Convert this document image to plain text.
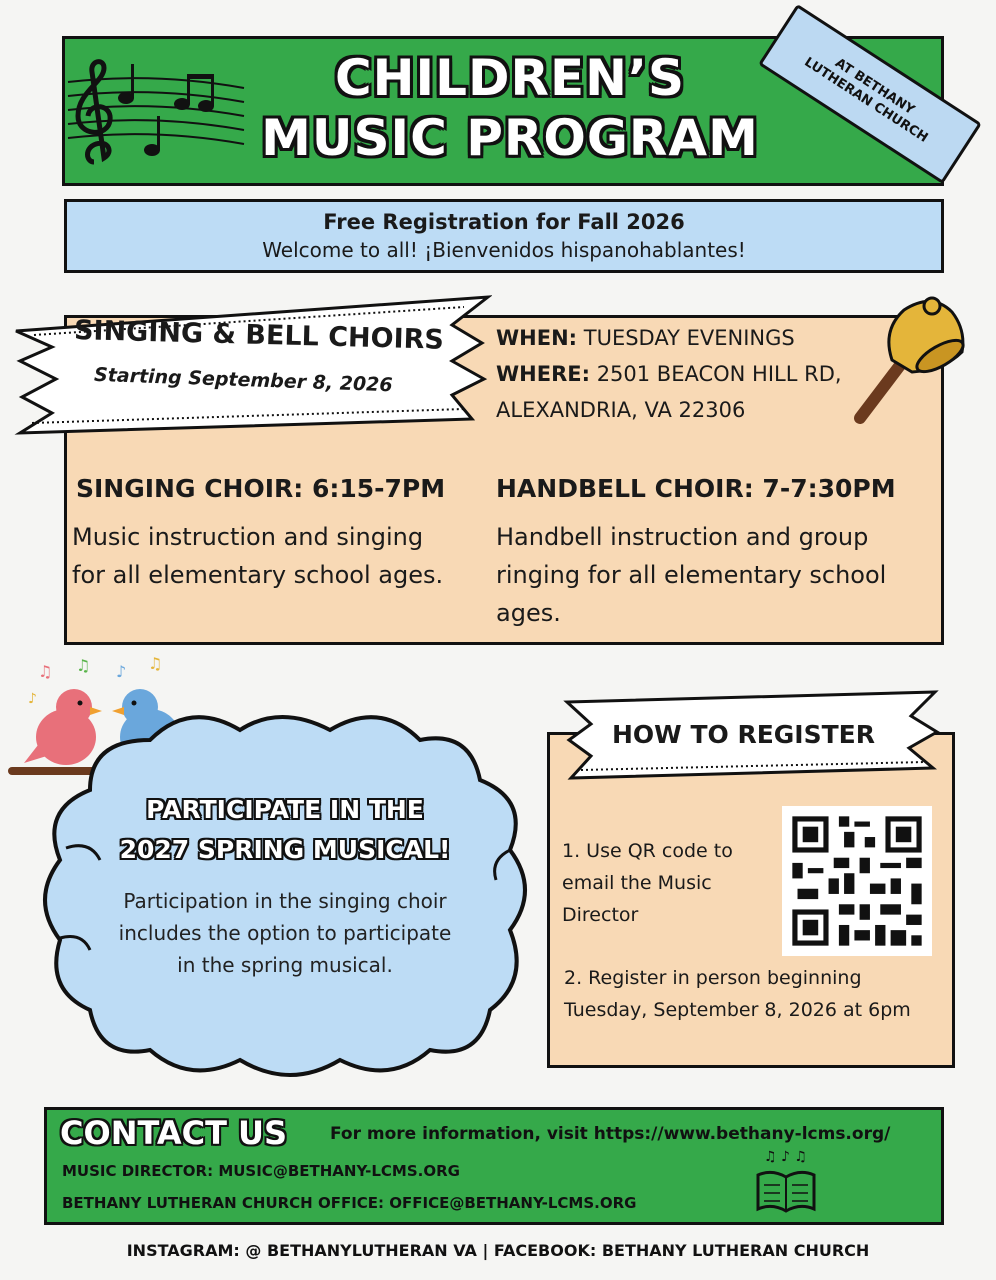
CHILDREN’S
MUSIC PROGRAM
AT BETHANY LUTHERAN CHURCH
Free Registration for Fall 2026
Welcome to all! ¡Bienvenidos hispanohablantes!
SINGING & BELL CHOIRS
Starting September 8, 2026
WHEN: TUESDAY EVENINGS
WHERE: 2501 BEACON HILL RD,
ALEXANDRIA, VA 22306
SINGING CHOIR: 6:15-7PM
Music instruction and singing for all elementary school ages.
HANDBELL CHOIR: 7-7:30PM
Handbell instruction and group ringing for all elementary school ages.
♫ ♫ ♪ ♫
♪
PARTICIPATE IN THE
2027 SPRING MUSICAL!
Participation in the singing choir includes the option to participate in the spring musical.
HOW TO REGISTER
1. Use QR code to email the Music Director
2. Register in person beginning Tuesday, September 8, 2026 at 6pm
CONTACT US	For more information, visit https://www.bethany-lcms.org/
MUSIC DIRECTOR: MUSIC@BETHANY-LCMS.ORG
BETHANY LUTHERAN CHURCH OFFICE: OFFICE@BETHANY-LCMS.ORG
♫ ♪ ♫
INSTAGRAM: @ BETHANYLUTHERAN VA | FACEBOOK: BETHANY LUTHERAN CHURCH
